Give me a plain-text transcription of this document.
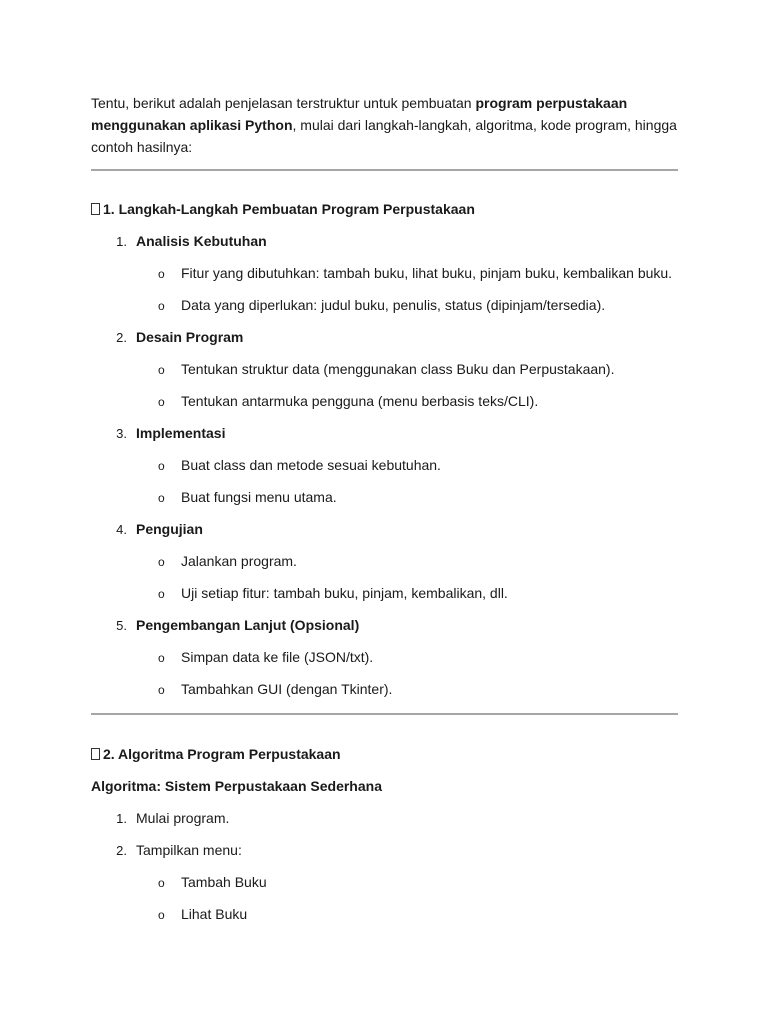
Tentu, berikut adalah penjelasan terstruktur untuk pembuatan program perpustakaan menggunakan aplikasi Python, mulai dari langkah-langkah, algoritma, kode program, hingga contoh hasilnya:
1. Langkah-Langkah Pembuatan Program Perpustakaan
1. Analisis Kebutuhan
o Fitur yang dibutuhkan: tambah buku, lihat buku, pinjam buku, kembalikan buku.
o Data yang diperlukan: judul buku, penulis, status (dipinjam/tersedia).
2. Desain Program
o Tentukan struktur data (menggunakan class Buku dan Perpustakaan).
o Tentukan antarmuka pengguna (menu berbasis teks/CLI).
3. Implementasi
o Buat class dan metode sesuai kebutuhan.
o Buat fungsi menu utama.
4. Pengujian
o Jalankan program.
o Uji setiap fitur: tambah buku, pinjam, kembalikan, dll.
5. Pengembangan Lanjut (Opsional)
o Simpan data ke file (JSON/txt).
o Tambahkan GUI (dengan Tkinter).
2. Algoritma Program Perpustakaan
Algoritma: Sistem Perpustakaan Sederhana
1. Mulai program.
2. Tampilkan menu:
o Tambah Buku
o Lihat Buku
